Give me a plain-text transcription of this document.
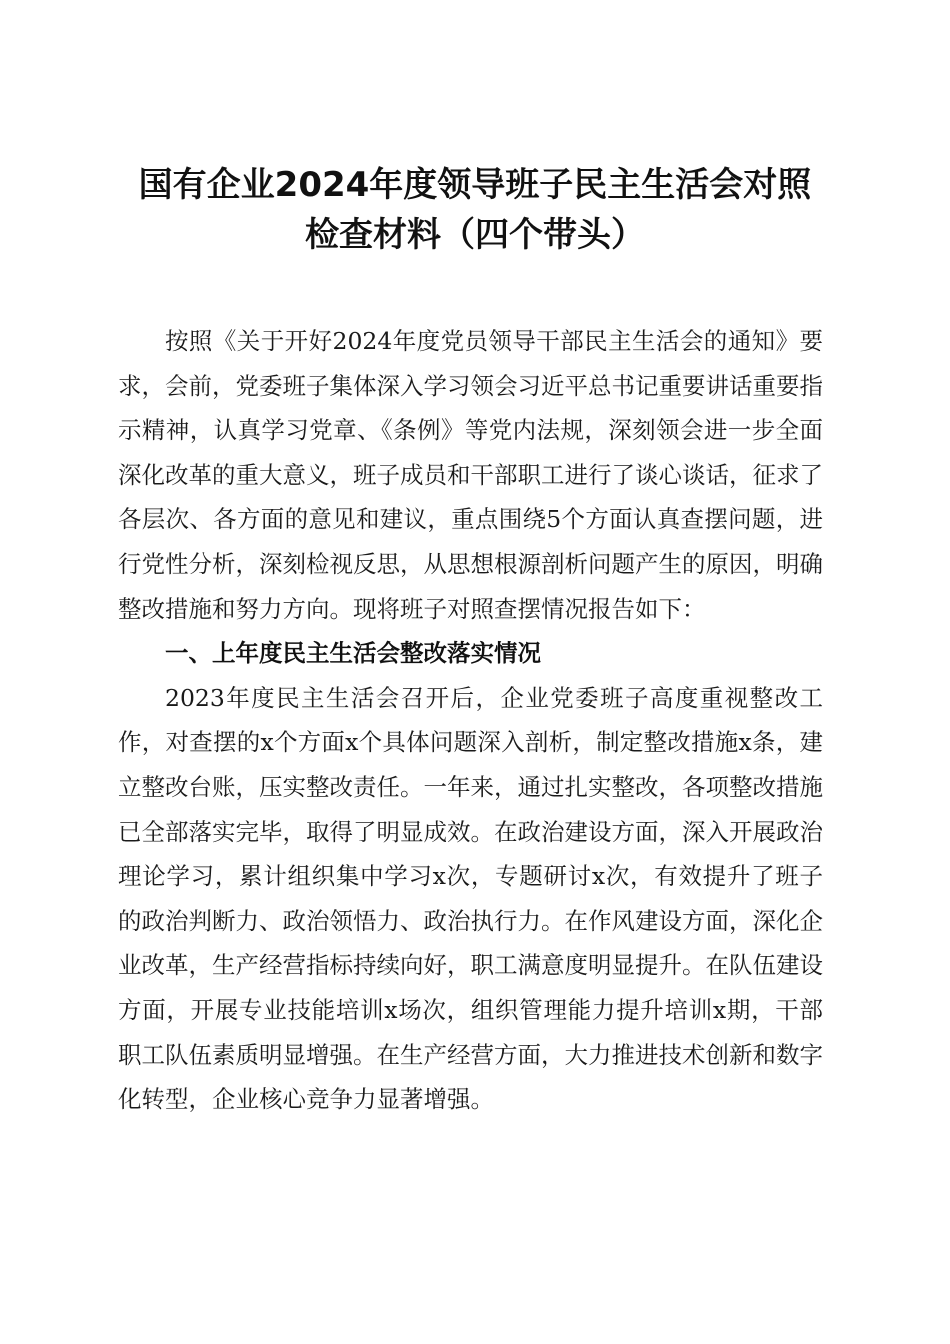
国有企业2024年度领导班子民主生活会对照
检查材料（四个带头）

按照《关于开好2024年度党员领导干部民主生活会的通知》要求，会前，党委班子集体深入学习领会习近平总书记重要讲话重要指示精神，认真学习党章、《条例》等党内法规，深刻领会进一步全面深化改革的重大意义，班子成员和干部职工进行了谈心谈话，征求了各层次、各方面的意见和建议，重点围绕5个方面认真查摆问题，进行党性分析，深刻检视反思，从思想根源剖析问题产生的原因，明确整改措施和努力方向。现将班子对照查摆情况报告如下：

一、上年度民主生活会整改落实情况

2023年度民主生活会召开后，企业党委班子高度重视整改工作，对查摆的x个方面x个具体问题深入剖析，制定整改措施x条，建立整改台账，压实整改责任。一年来，通过扎实整改，各项整改措施已全部落实完毕，取得了明显成效。在政治建设方面，深入开展政治理论学习，累计组织集中学习x次，专题研讨x次，有效提升了班子的政治判断力、政治领悟力、政治执行力。在作风建设方面，深化企业改革，生产经营指标持续向好，职工满意度明显提升。在队伍建设方面，开展专业技能培训x场次，组织管理能力提升培训x期，干部职工队伍素质明显增强。在生产经营方面，大力推进技术创新和数字化转型，企业核心竞争力显著增强。
